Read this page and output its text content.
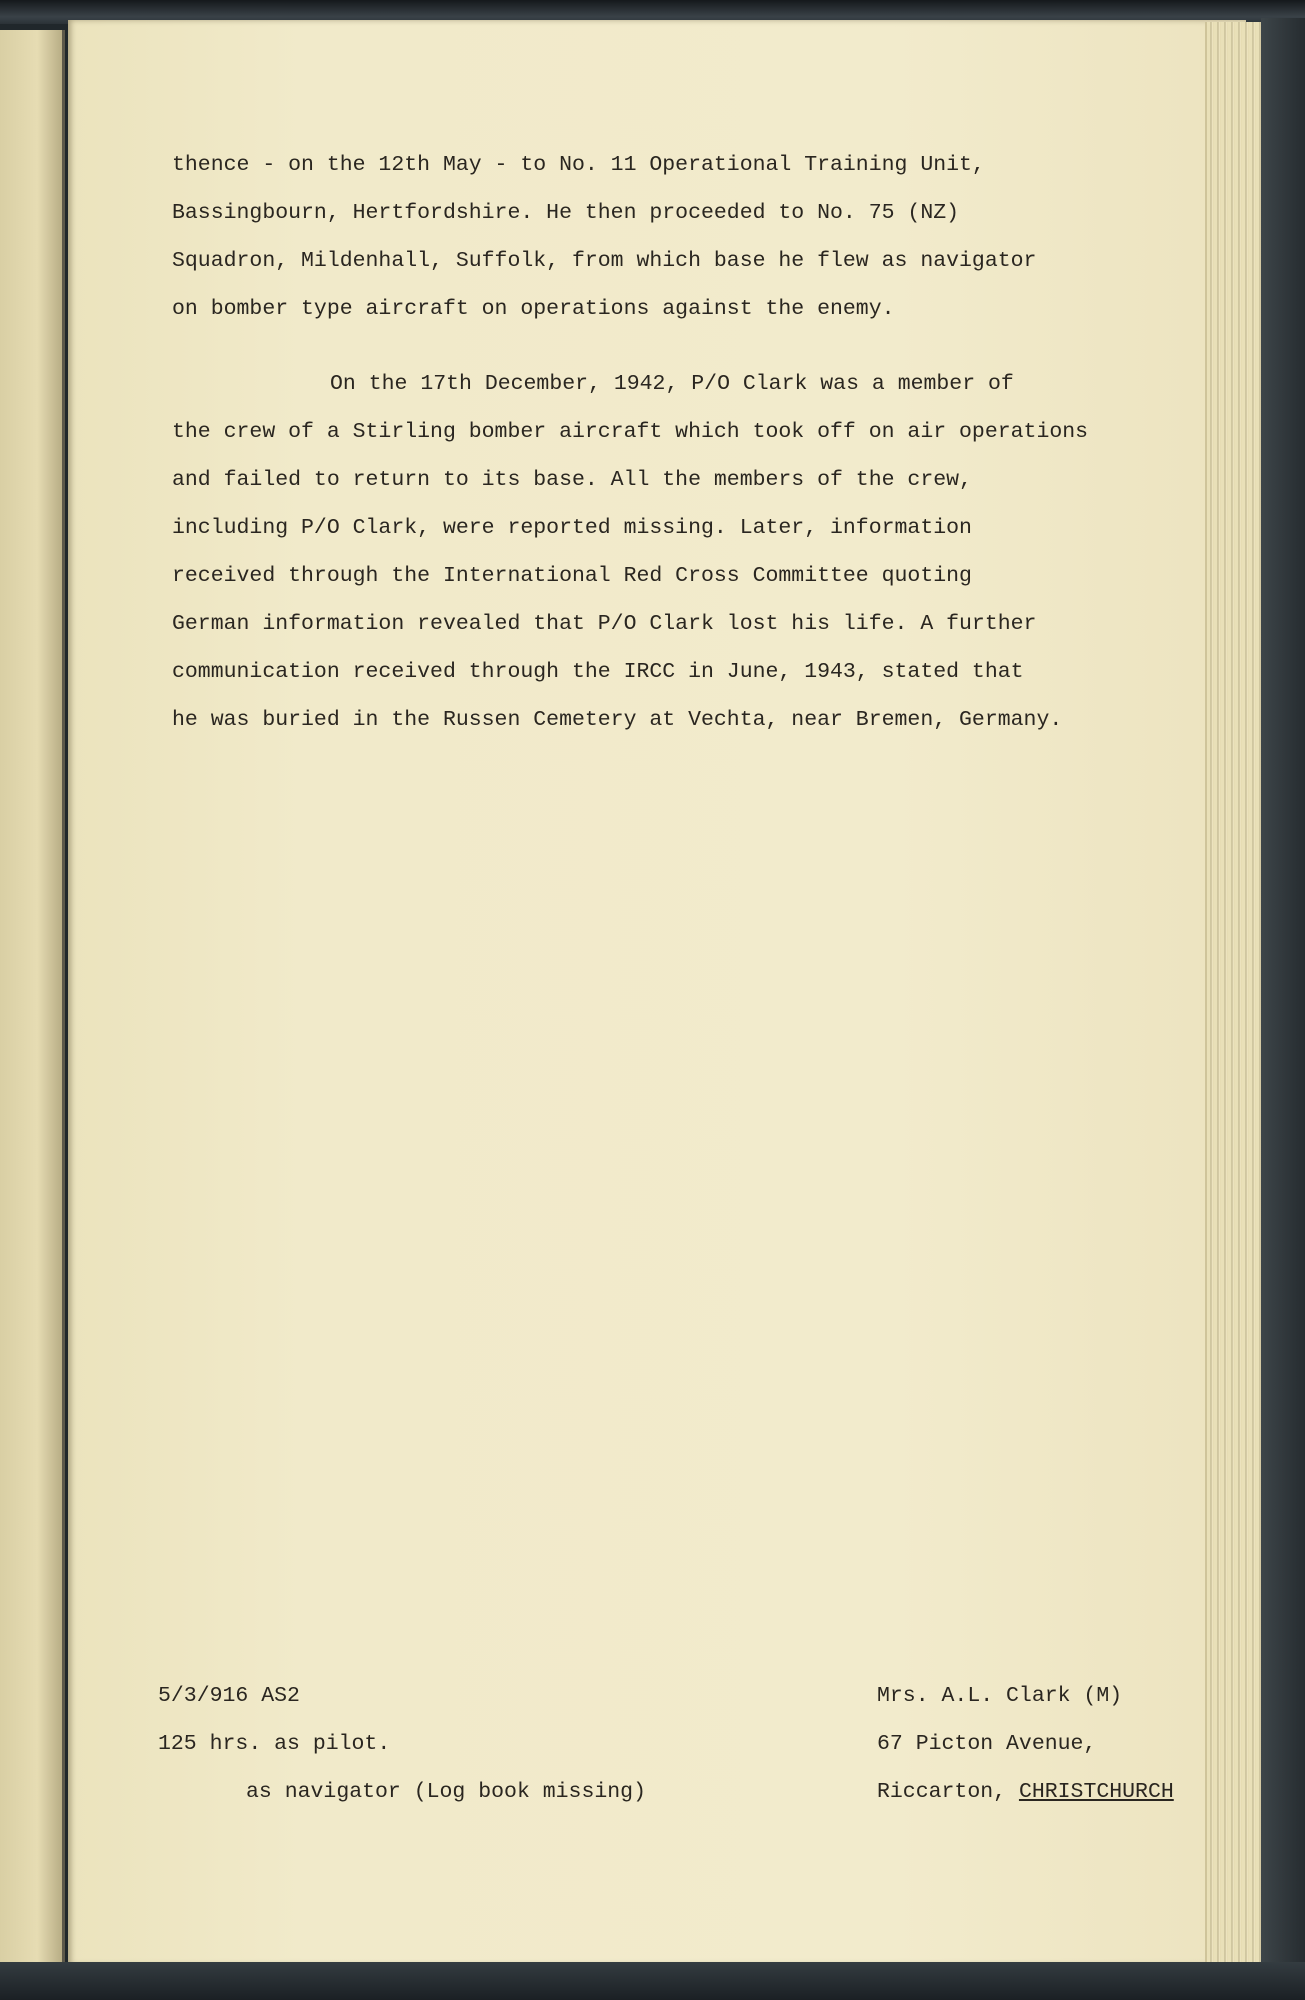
thence - on the 12th May - to No. 11 Operational Training Unit,
Bassingbourn, Hertfordshire. He then proceeded to No. 75 (NZ)
Squadron, Mildenhall, Suffolk, from which base he flew as navigator
on bomber type aircraft on operations against the enemy.

On the 17th December, 1942, P/O Clark was a member of
the crew of a Stirling bomber aircraft which took off on air operations
and failed to return to its base. All the members of the crew,
including P/O Clark, were reported missing. Later, information
received through the International Red Cross Committee quoting
German information revealed that P/O Clark lost his life. A further
communication received through the IRCC in June, 1943, stated that
he was buried in the Russen Cemetery at Vechta, near Bremen, Germany.

5/3/916 AS2
125 hrs. as pilot.
as navigator (Log book missing)
Mrs. A.L. Clark (M)
67 Picton Avenue,
Riccarton, CHRISTCHURCH
